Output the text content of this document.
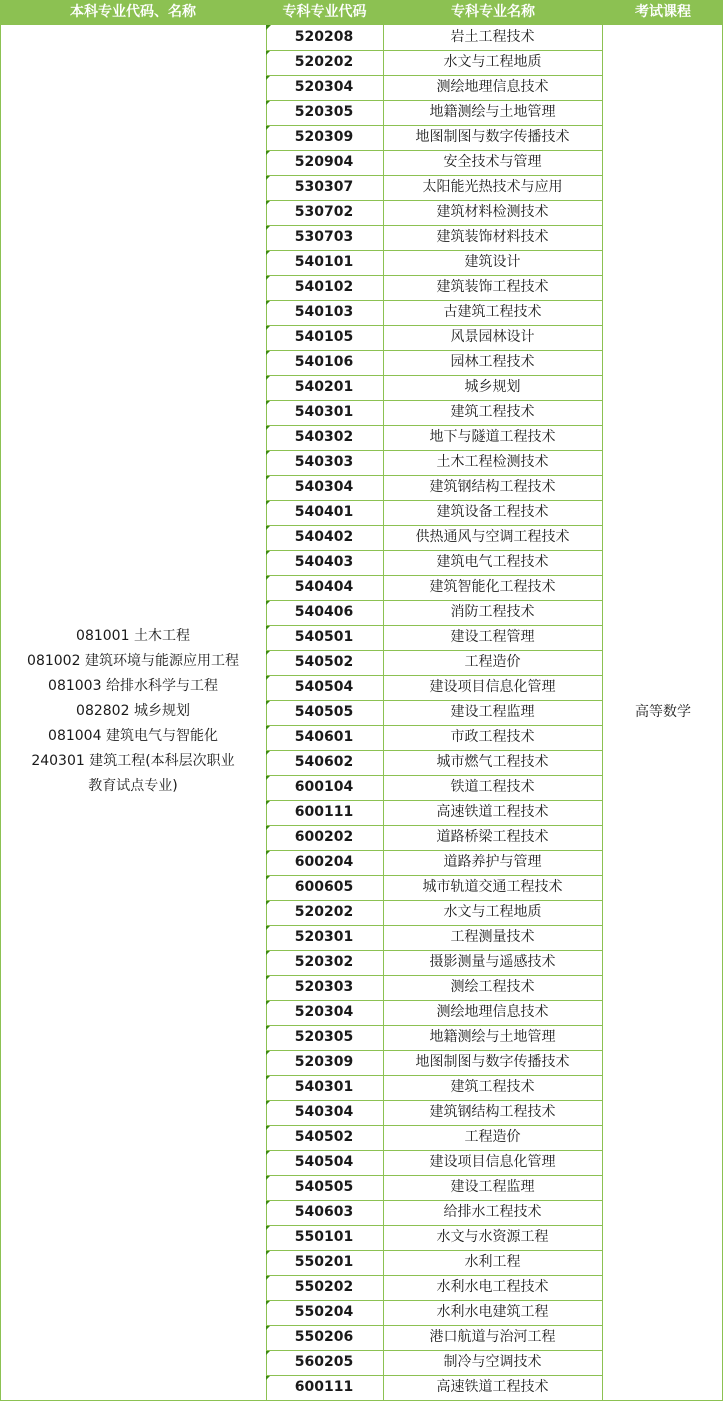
本科专业代码、名称	专科专业代码	专科专业名称	考试课程
081001 土木工程
081002 建筑环境与能源应用工程
081003 给排水科学与工程
082802 城乡规划
081004 建筑电气与智能化
240301 建筑工程(本科层次职业
教育试点专业)
高等数学
520208	岩土工程技术
520202	水文与工程地质
520304	测绘地理信息技术
520305	地籍测绘与土地管理
520309	地图制图与数字传播技术
520904	安全技术与管理
530307	太阳能光热技术与应用
530702	建筑材料检测技术
530703	建筑装饰材料技术
540101	建筑设计
540102	建筑装饰工程技术
540103	古建筑工程技术
540105	风景园林设计
540106	园林工程技术
540201	城乡规划
540301	建筑工程技术
540302	地下与隧道工程技术
540303	土木工程检测技术
540304	建筑钢结构工程技术
540401	建筑设备工程技术
540402	供热通风与空调工程技术
540403	建筑电气工程技术
540404	建筑智能化工程技术
540406	消防工程技术
540501	建设工程管理
540502	工程造价
540504	建设项目信息化管理
540505	建设工程监理
540601	市政工程技术
540602	城市燃气工程技术
600104	铁道工程技术
600111	高速铁道工程技术
600202	道路桥梁工程技术
600204	道路养护与管理
600605	城市轨道交通工程技术
520202	水文与工程地质
520301	工程测量技术
520302	摄影测量与遥感技术
520303	测绘工程技术
520304	测绘地理信息技术
520305	地籍测绘与土地管理
520309	地图制图与数字传播技术
540301	建筑工程技术
540304	建筑钢结构工程技术
540502	工程造价
540504	建设项目信息化管理
540505	建设工程监理
540603	给排水工程技术
550101	水文与水资源工程
550201	水利工程
550202	水利水电工程技术
550204	水利水电建筑工程
550206	港口航道与治河工程
560205	制冷与空调技术
600111	高速铁道工程技术
